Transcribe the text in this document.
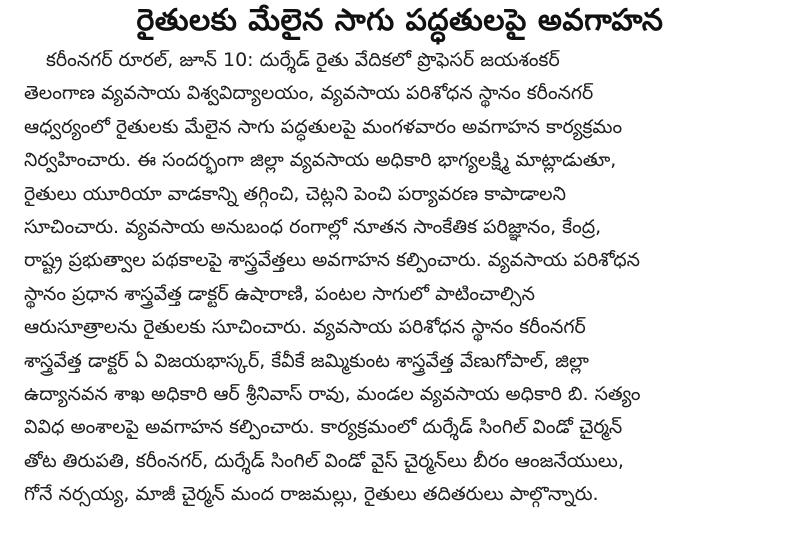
రైతులకు మేలైన సాగు పద్ధతులపై అవగాహన
కరీంనగర్ రూరల్, జూన్ 10: దుర్శేడ్ రైతు వేదికలో ప్రొఫెసర్ జయశంకర్
తెలంగాణ వ్యవసాయ విశ్వవిద్యాలయం, వ్యవసాయ పరిశోధన స్థానం కరీంనగర్
ఆధ్వర్యంలో రైతులకు మేలైన సాగు పద్ధతులపై మంగళవారం అవగాహన కార్యక్రమం
నిర్వహించారు. ఈ సందర్భంగా జిల్లా వ్యవసాయ అధికారి భాగ్యలక్ష్మి మాట్లాడుతూ,
రైతులు యూరియా వాడకాన్ని తగ్గించి, చెట్లని పెంచి పర్యావరణ కాపాడాలని
సూచించారు. వ్యవసాయ అనుబంధ రంగాల్లో నూతన సాంకేతిక పరిజ్ఞానం, కేంద్ర,
రాష్ట్ర ప్రభుత్వాల పథకాలపై శాస్త్రవేత్తలు అవగాహన కల్పించారు. వ్యవసాయ పరిశోధన
స్థానం ప్రధాన శాస్త్రవేత్త డాక్టర్ ఉషారాణి, పంటల సాగులో పాటించాల్సిన
ఆరుసూత్రాలను రైతులకు సూచించారు. వ్యవసాయ పరిశోధన స్థానం కరీంనగర్
శాస్త్రవేత్త డాక్టర్ ఏ విజయభాస్కర్, కేవీకే జమ్మికుంట శాస్త్రవేత్త వేణుగోపాల్, జిల్లా
ఉద్యానవన శాఖ అధికారి ఆర్ శ్రీనివాస్ రావు, మండల వ్యవసాయ అధికారి బి. సత్యం
వివిధ అంశాలపై అవగాహన కల్పించారు. కార్యక్రమంలో దుర్శేడ్ సింగిల్ విండో చైర్మన్
తోట తిరుపతి, కరీంనగర్, దుర్శేడ్ సింగిల్ విండో వైస్ చైర్మన్‌లు బీరం ఆంజనేయులు,
గోనే నర్సయ్య, మాజీ చైర్మన్ మంద రాజమల్లు, రైతులు తదితరులు పాల్గొన్నారు.
